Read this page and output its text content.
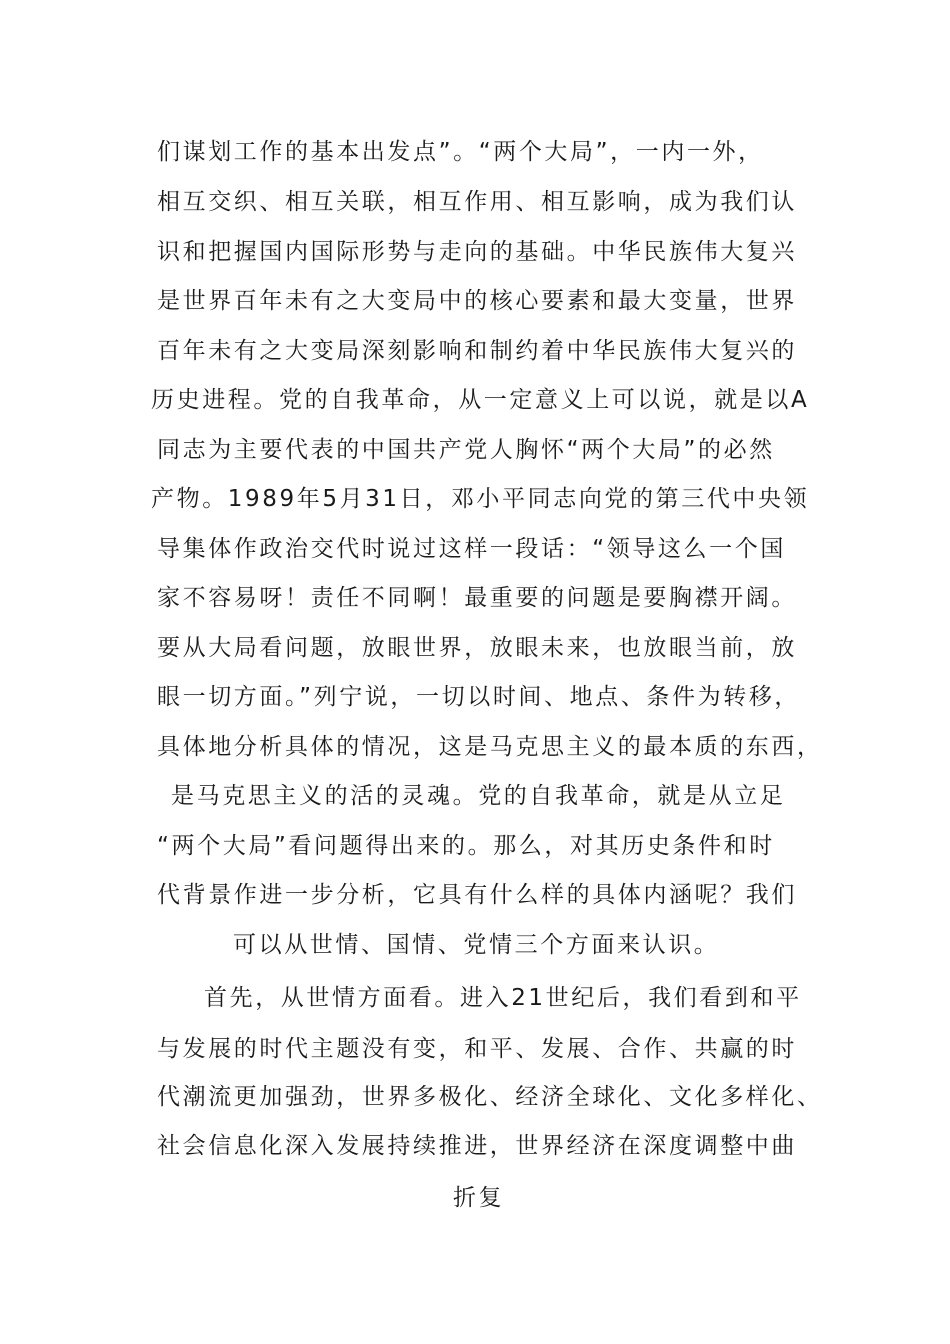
们谋划工作的基本出发点”。“两个大局”，一内一外，
相互交织、相互关联，相互作用、相互影响，成为我们认
识和把握国内国际形势与走向的基础。中华民族伟大复兴
是世界百年未有之大变局中的核心要素和最大变量，世界
百年未有之大变局深刻影响和制约着中华民族伟大复兴的
历史进程。党的自我革命，从一定意义上可以说，就是以A
同志为主要代表的中国共产党人胸怀“两个大局”的必然
产物。1989年5月31日，邓小平同志向党的第三代中央领
导集体作政治交代时说过这样一段话：“领导这么一个国
家不容易呀！责任不同啊！最重要的问题是要胸襟开阔。
要从大局看问题，放眼世界，放眼未来，也放眼当前，放
眼一切方面。”列宁说，一切以时间、地点、条件为转移，
具体地分析具体的情况，这是马克思主义的最本质的东西，
是马克思主义的活的灵魂。党的自我革命，就是从立足
“两个大局”看问题得出来的。那么，对其历史条件和时
代背景作进一步分析，它具有什么样的具体内涵呢？我们
可以从世情、国情、党情三个方面来认识。
首先，从世情方面看。进入21世纪后，我们看到和平
与发展的时代主题没有变，和平、发展、合作、共赢的时
代潮流更加强劲，世界多极化、经济全球化、文化多样化、
社会信息化深入发展持续推进，世界经济在深度调整中曲
折复
